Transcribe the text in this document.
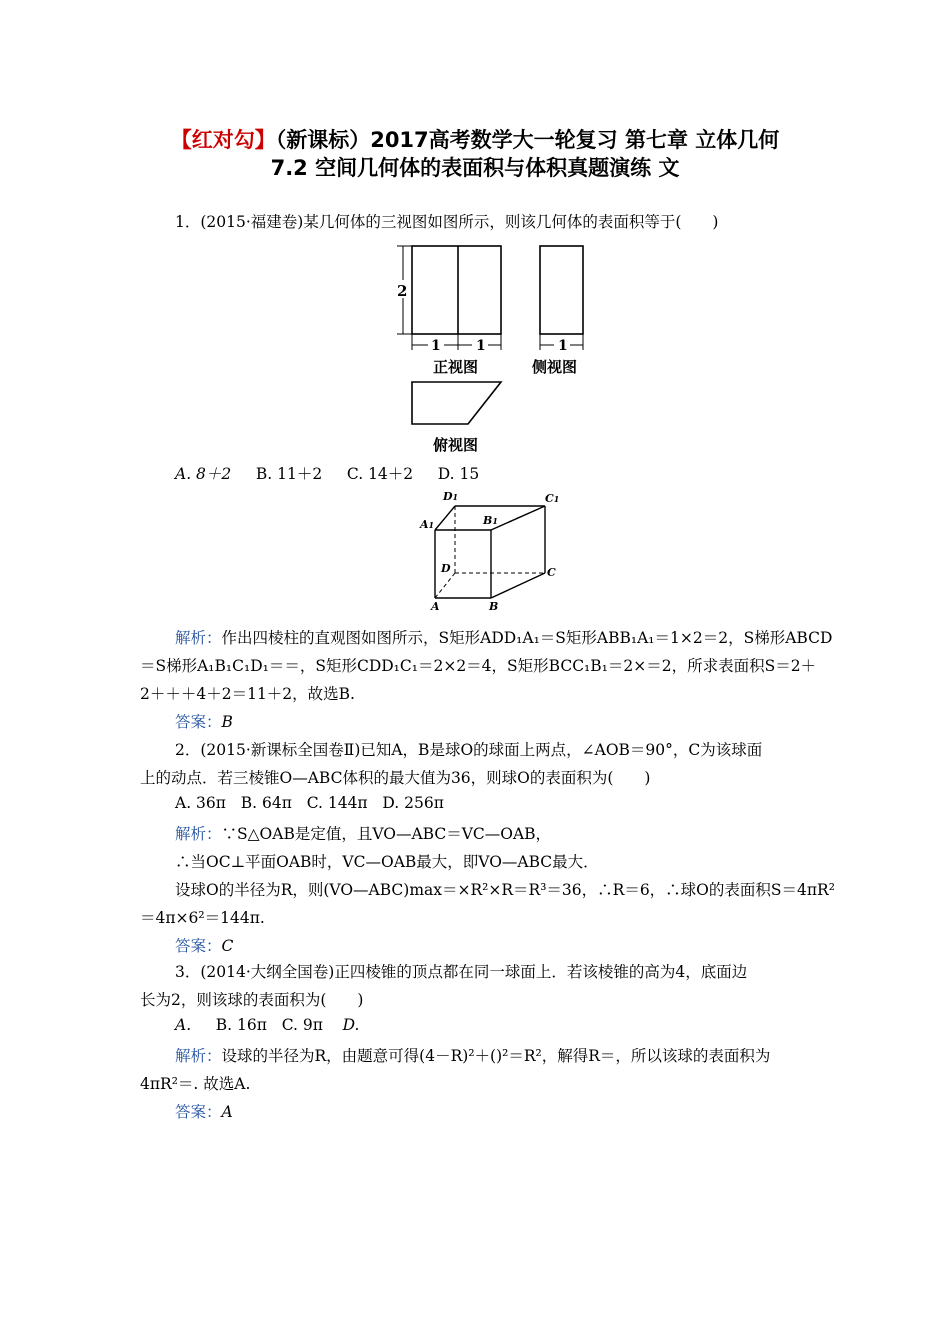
【红对勾】（新课标）2017高考数学大一轮复习 第七章 立体几何
7.2 空间几何体的表面积与体积真题演练 文
1．(2015·福建卷)某几何体的三视图如图所示，则该几何体的表面积等于(　　)
2
1	1	1
正视图	侧视图
俯视图
A. 8＋2 B. 11＋2 C. 14＋2 D. 15
D1	C1
A1	B1
D	C
A	B
解析：作出四棱柱的直观图如图所示，S矩形ADD₁A₁＝S矩形ABB₁A₁＝1×2＝2，S梯形ABCD
＝S梯形A₁B₁C₁D₁＝＝，S矩形CDD₁C₁＝2×2＝4，S矩形BCC₁B₁＝2×＝2，所求表面积S＝2＋
2＋＋＋4＋2＝11＋2，故选B.
答案：B
2．(2015·新课标全国卷Ⅱ)已知A，B是球O的球面上两点，∠AOB＝90°，C为该球面
上的动点．若三棱锥O—ABC体积的最大值为36，则球O的表面积为(　　)
A. 36π B. 64π C. 144π D. 256π
解析：∵S△OAB是定值，且VO—ABC＝VC—OAB，
∴当OC⊥平面OAB时，VC—OAB最大，即VO—ABC最大．
设球O的半径为R，则(VO—ABC)max＝×R²×R＝R³＝36，∴R＝6，∴球O的表面积S＝4πR²
＝4π×6²＝144π.
答案：C
3．(2014·大纲全国卷)正四棱锥的顶点都在同一球面上．若该棱锥的高为4，底面边
长为2，则该球的表面积为(　　)
A. B. 16π C. 9π D.
解析：设球的半径为R，由题意可得(4－R)²＋()²＝R²，解得R＝，所以该球的表面积为
4πR²＝. 故选A.
答案：A
